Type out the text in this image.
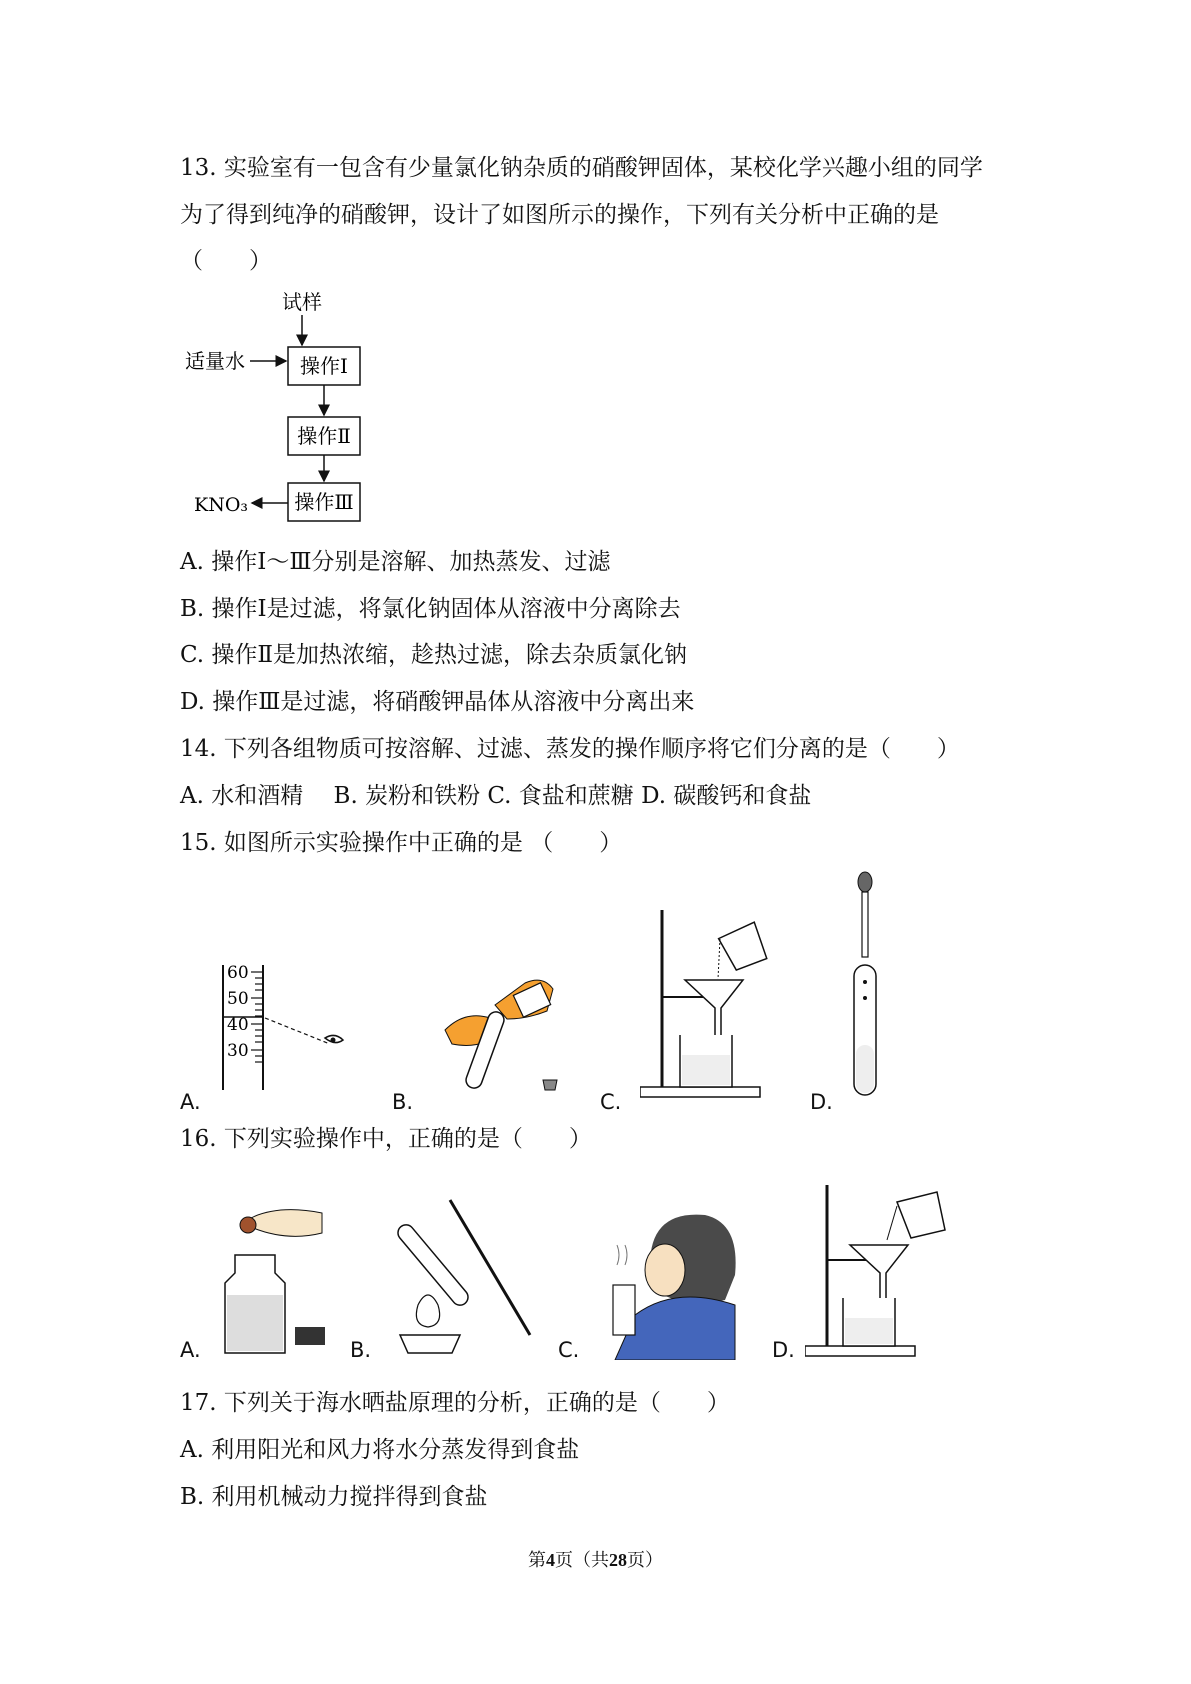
13. 实验室有一包含有少量氯化钠杂质的硝酸钾固体，某校化学兴趣小组的同学
为了得到纯净的硝酸钾，设计了如图所示的操作，下列有关分析中正确的是
（　　）
试样
适量水	操作Ⅰ
操作Ⅱ
操作Ⅲ
KNO₃
A. 操作Ⅰ～Ⅲ分别是溶解、加热蒸发、过滤
B. 操作Ⅰ是过滤，将氯化钠固体从溶液中分离除去
C. 操作Ⅱ是加热浓缩，趁热过滤，除去杂质氯化钠
D. 操作Ⅲ是过滤，将硝酸钾晶体从溶液中分离出来
14. 下列各组物质可按溶解、过滤、蒸发的操作顺序将它们分离的是（　　）
A. 水和酒精　 B. 炭粉和铁粉 C. 食盐和蔗糖 D. 碳酸钙和食盐
15. 如图所示实验操作中正确的是 （　　）
60
50
40
30
A.	B.	C.	D.
16. 下列实验操作中，正确的是（　　）
A.	B.	C.	D.
17. 下列关于海水晒盐原理的分析，正确的是（　　）
A. 利用阳光和风力将水分蒸发得到食盐
B. 利用机械动力搅拌得到食盐
第4页（共28页）
